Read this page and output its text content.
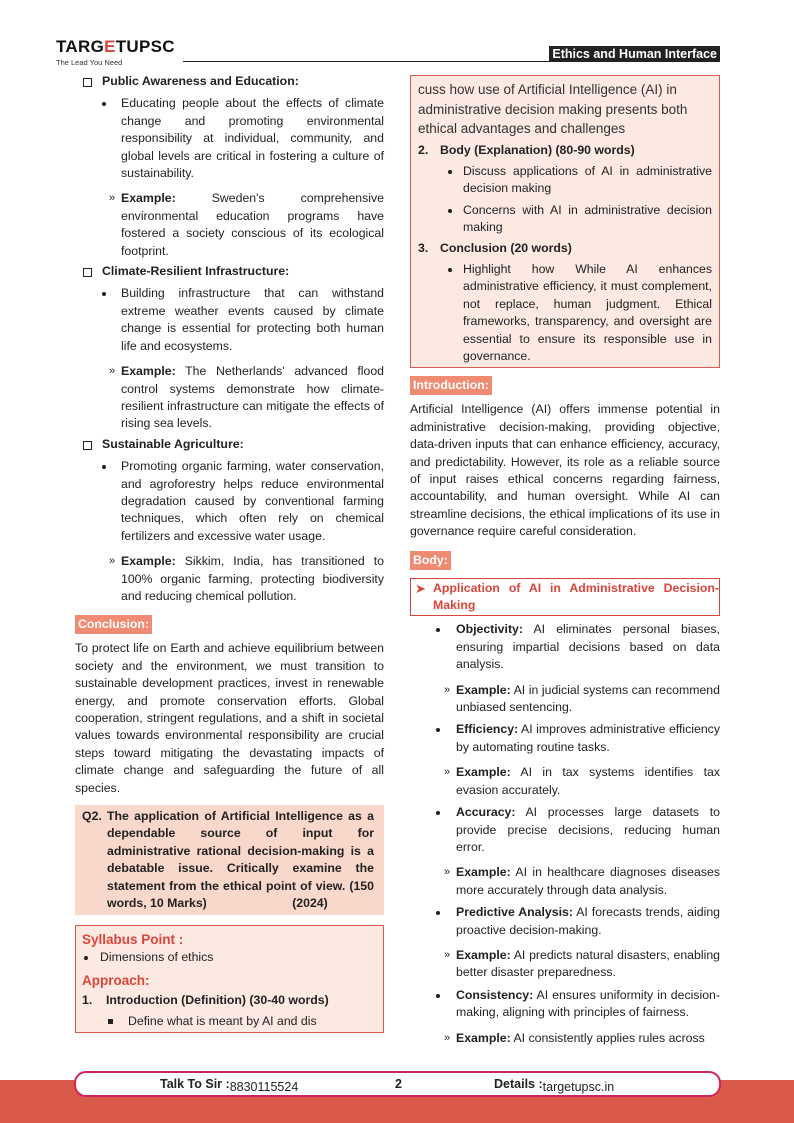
TARGETUPSC
The Lead You Need
Ethics and Human Interface
Public Awareness and Education:
Educating people about the effects of climate change and promoting environmental responsibility at individual, community, and global levels are critical in fostering a culture of sustainability.
» Example:	Sweden's comprehensive environmental education programs have fostered a society conscious of its ecological footprint.
Climate-Resilient Infrastructure:
Building infrastructure that can withstand extreme weather events caused by climate change is essential for protecting both human life and ecosystems.
» Example: The Netherlands' advanced flood control systems demonstrate how climate-resilient infrastructure can mitigate the effects of rising sea levels.
Sustainable Agriculture:
Promoting organic farming, water conservation, and agroforestry helps reduce environmental degradation caused by conventional farming techniques, which often rely on chemical fertilizers and excessive water usage.
» Example: Sikkim, India, has transitioned to 100% organic farming, protecting biodiversity and reducing chemical pollution.
Conclusion:
To protect life on Earth and achieve equilibrium between society and the environment, we must transition to sustainable development practices, invest in renewable energy, and promote conservation efforts. Global cooperation, stringent regulations, and a shift in societal values towards environmental responsibility are crucial steps toward mitigating the devastating impacts of climate change and safeguarding the future of all species.
Q2. The application of Artificial Intelligence as a dependable source of input for administrative rational decision-making is a debatable issue. Critically examine the statement from the ethical point of view. (150 words, 10 Marks)                         (2024)
Syllabus Point :
Dimensions of ethics
Approach:
1. Introduction (Definition) (30-40 words)
Define what is meant by AI and dis
cuss how use of Artificial Intelligence (AI) in administrative decision making presents both ethical advantages and challenges
2. Body (Explanation) (80-90 words)
Discuss applications of AI in administrative decision making
Concerns with AI in administrative decision making
3. Conclusion (20 words)
Highlight how While AI enhances administrative efficiency, it must complement, not replace, human judgment. Ethical frameworks, transparency, and oversight are essential to ensure its responsible use in governance.
Introduction:
Artificial Intelligence (AI) offers immense potential in administrative decision-making, providing objective, data-driven inputs that can enhance efficiency, accuracy, and predictability. However, its role as a reliable source of input raises ethical concerns regarding fairness, accountability, and human oversight. While AI can streamline decisions, the ethical implications of its use in governance require careful consideration.
Body:
➤ Application of AI in Administrative Decision-Making
Objectivity: AI eliminates personal biases, ensuring impartial decisions based on data analysis.
» Example: AI in judicial systems can recommend unbiased sentencing.
Efficiency: AI improves administrative efficiency by automating routine tasks.
» Example: AI in tax systems identifies tax evasion accurately.
Accuracy: AI processes large datasets to provide precise decisions, reducing human error.
» Example: AI in healthcare diagnoses diseases more accurately through data analysis.
Predictive Analysis: AI forecasts trends, aiding proactive decision-making.
» Example: AI predicts natural disasters, enabling better disaster preparedness.
Consistency: AI ensures uniformity in decision-making, aligning with principles of fairness.
» Example: AI consistently applies rules across
Talk To Sir : 8830115524	2	Details : targetupsc.in
